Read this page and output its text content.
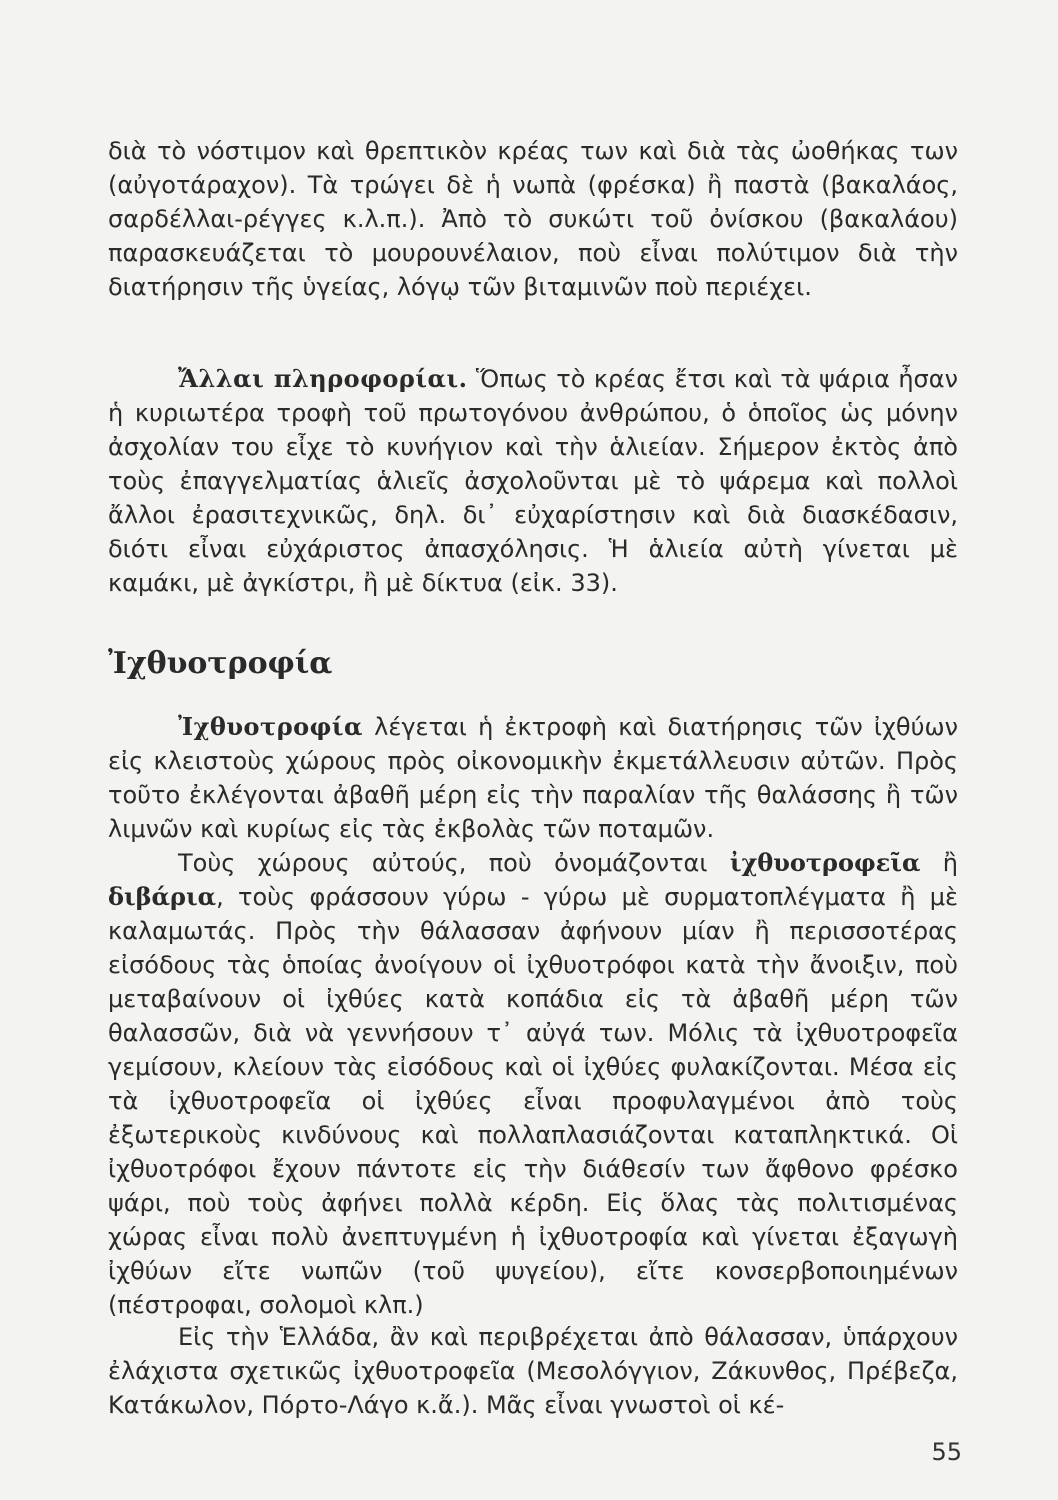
διὰ τὸ νόστιμον καὶ θρεπτικὸν κρέας των καὶ διὰ τὰς ὠοθήκας των (αὐγοτάραχον). Τὰ τρώγει δὲ ἡ νωπὰ (φρέσκα) ἢ παστὰ (βακαλάος, σαρδέλλαι-ρέγγες κ.λ.π.). Ἀπὸ τὸ συκώτι τοῦ ὀνίσκου (βακαλάου) παρασκευάζεται τὸ μουρουνέλαιον, ποὺ εἶναι πολύτιμον διὰ τὴν διατήρησιν τῆς ὑγείας, λόγῳ τῶν βιταμινῶν ποὺ περιέχει.

Ἄλλαι πληροφορίαι. Ὅπως τὸ κρέας ἔτσι καὶ τὰ ψάρια ἦσαν ἡ κυριωτέρα τροφὴ τοῦ πρωτογόνου ἀνθρώπου, ὁ ὁποῖος ὡς μόνην ἀσχολίαν του εἶχε τὸ κυνήγιον καὶ τὴν ἁλιείαν. Σήμερον ἐκτὸς ἀπὸ τοὺς ἐπαγγελματίας ἁλιεῖς ἀσχολοῦνται μὲ τὸ ψάρεμα καὶ πολλοὶ ἄλλοι ἐρασιτεχνικῶς, δηλ. δι᾽ εὐχαρίστησιν καὶ διὰ διασκέδασιν, διότι εἶναι εὐχάριστος ἀπασχόλησις. Ἡ ἁλιεία αὐτὴ γίνεται μὲ καμάκι, μὲ ἀγκίστρι, ἢ μὲ δίκτυα (εἰκ. 33).

Ἰχθυοτροφία

Ἰχθυοτροφία λέγεται ἡ ἐκτροφὴ καὶ διατήρησις τῶν ἰχθύων εἰς κλειστοὺς χώρους πρὸς οἰκονομικὴν ἐκμετάλλευσιν αὐτῶν. Πρὸς τοῦτο ἐκλέγονται ἀβαθῆ μέρη εἰς τὴν παραλίαν τῆς θαλάσσης ἢ τῶν λιμνῶν καὶ κυρίως εἰς τὰς ἐκβολὰς τῶν ποταμῶν.

Τοὺς χώρους αὐτούς, ποὺ ὀνομάζονται ἰχθυοτροφεῖα ἢ διβάρια, τοὺς φράσσουν γύρω - γύρω μὲ συρματοπλέγματα ἢ μὲ καλαμωτάς. Πρὸς τὴν θάλασσαν ἀφήνουν μίαν ἢ περισσοτέρας εἰσόδους τὰς ὁποίας ἀνοίγουν οἱ ἰχθυοτρόφοι κατὰ τὴν ἄνοιξιν, ποὺ μεταβαίνουν οἱ ἰχθύες κατὰ κοπάδια εἰς τὰ ἀβαθῆ μέρη τῶν θαλασσῶν, διὰ νὰ γεννήσουν τ᾽ αὐγά των. Μόλις τὰ ἰχθυοτροφεῖα γεμίσουν, κλείουν τὰς εἰσόδους καὶ οἱ ἰχθύες φυλακίζονται. Μέσα εἰς τὰ ἰχθυοτροφεῖα οἱ ἰχθύες εἶναι προφυλαγμένοι ἀπὸ τοὺς ἐξωτερικοὺς κινδύνους καὶ πολλαπλασιάζονται καταπληκτικά. Οἱ ἰχθυοτρόφοι ἔχουν πάντοτε εἰς τὴν διάθεσίν των ἄφθονο φρέσκο ψάρι, ποὺ τοὺς ἀφήνει πολλὰ κέρδη. Εἰς ὅλας τὰς πολιτισμένας χώρας εἶναι πολὺ ἀνεπτυγμένη ἡ ἰχθυοτροφία καὶ γίνεται ἐξαγωγὴ ἰχθύων εἴτε νωπῶν (τοῦ ψυγείου), εἴτε κονσερβοποιημένων (πέστροφαι, σολομοὶ κλπ.)

Εἰς τὴν Ἑλλάδα, ἂν καὶ περιβρέχεται ἀπὸ θάλασσαν, ὑπάρχουν ἐλάχιστα σχετικῶς ἰχθυοτροφεῖα (Μεσολόγγιον, Ζάκυνθος, Πρέβεζα, Κατάκωλον, Πόρτο-Λάγο κ.ἄ.). Μᾶς εἶναι γνωστοὶ οἱ κέ-

55
